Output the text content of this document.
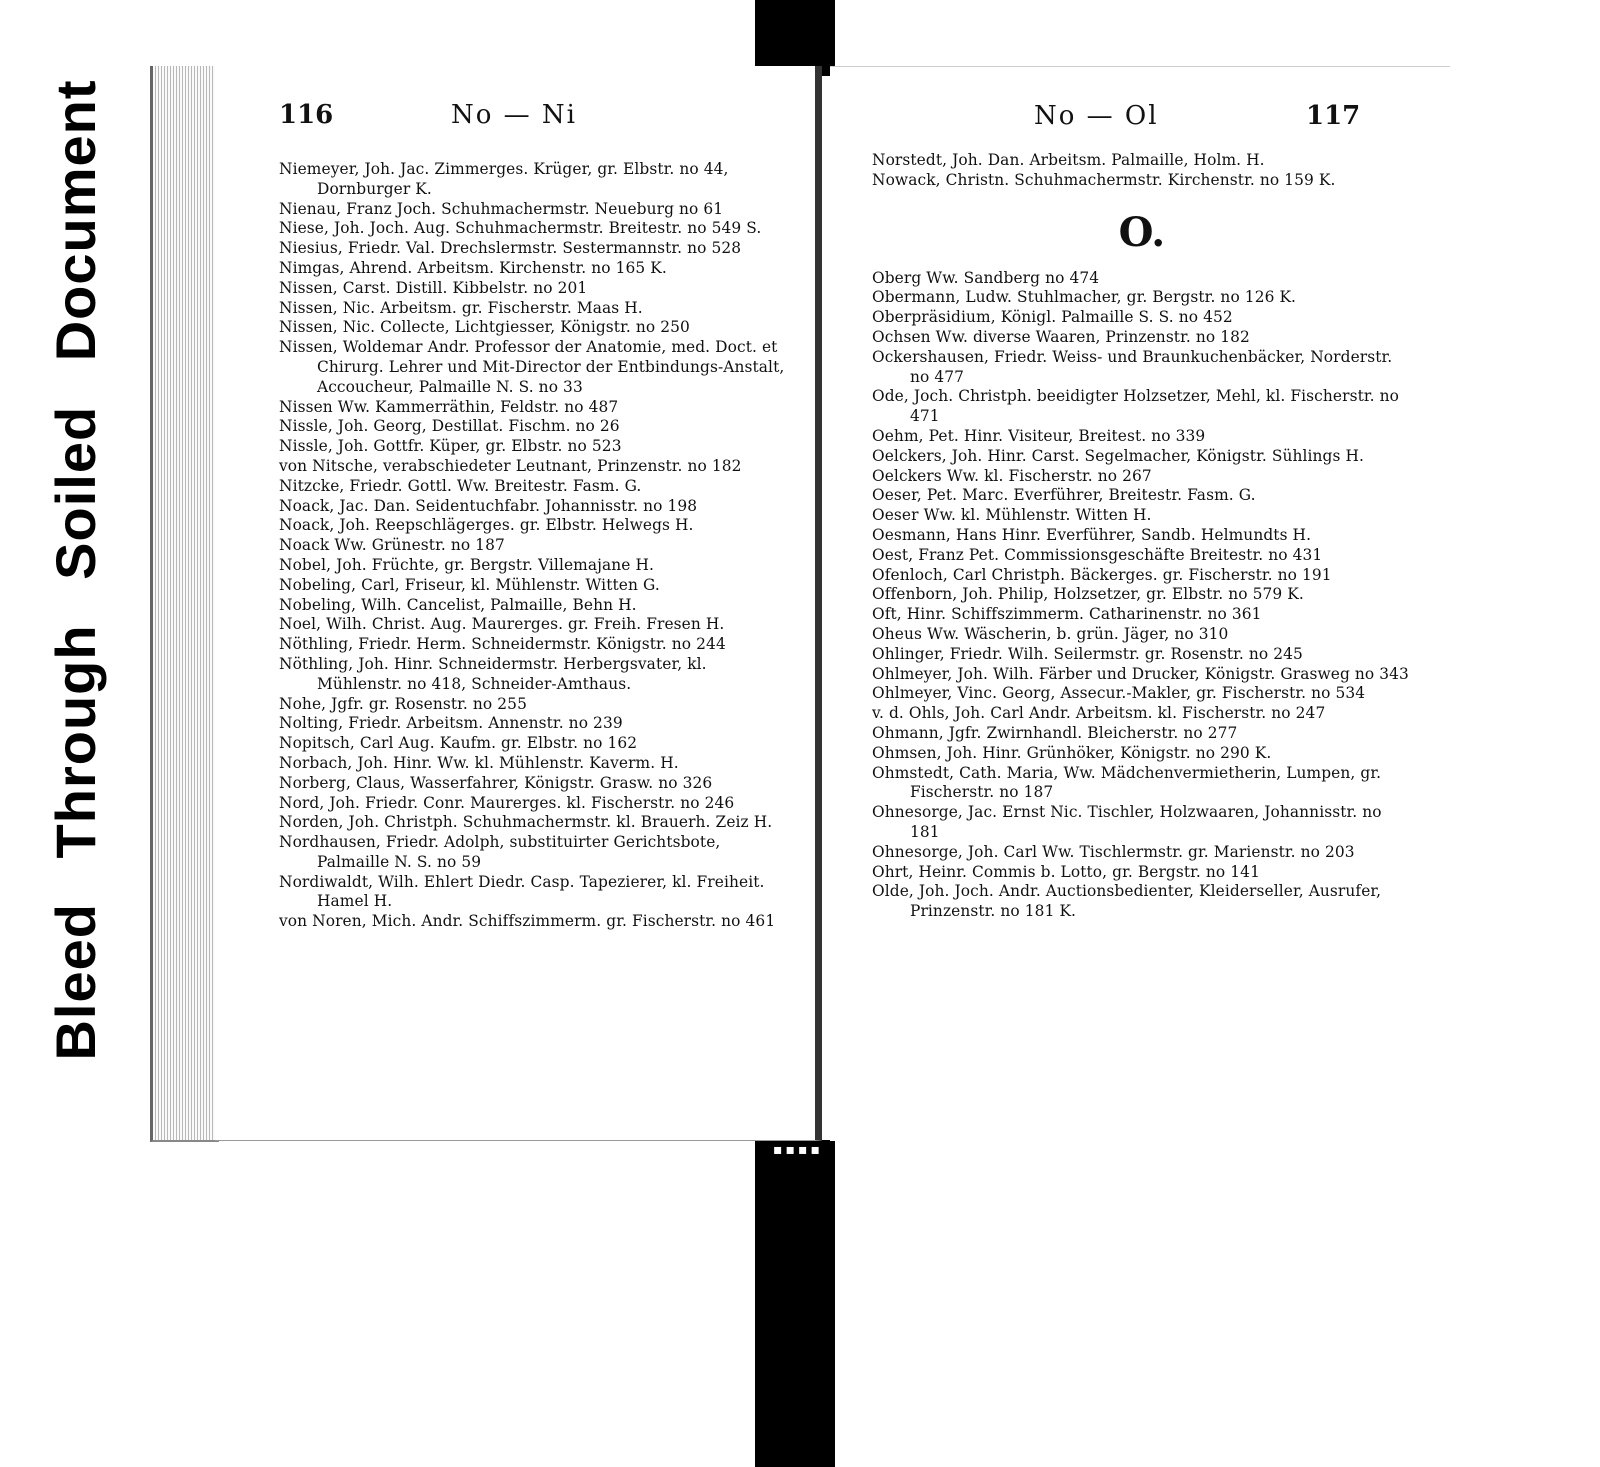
Bleed Through Soiled Document
▪▪▪▪
116	No — Ni
Niemeyer, Joh. Jac. Zimmerges. Krüger, gr. Elbstr. no 44, Dornburger K.
Nienau, Franz Joch. Schuhmachermstr. Neueburg no 61
Niese, Joh. Joch. Aug. Schuhmachermstr. Breitestr. no 549 S.
Niesius, Friedr. Val. Drechslermstr. Sestermannstr. no 528
Nimgas, Ahrend. Arbeitsm. Kirchenstr. no 165 K.
Nissen, Carst. Distill. Kibbelstr. no 201
Nissen, Nic. Arbeitsm. gr. Fischerstr. Maas H.
Nissen, Nic. Collecte, Lichtgiesser, Königstr. no 250
Nissen, Woldemar Andr. Professor der Anatomie, med. Doct. et Chirurg. Lehrer und Mit-Director der Entbindungs-Anstalt, Accoucheur, Palmaille N. S. no 33
Nissen Ww. Kammerräthin, Feldstr. no 487
Nissle, Joh. Georg, Destillat. Fischm. no 26
Nissle, Joh. Gottfr. Küper, gr. Elbstr. no 523
von Nitsche, verabschiedeter Leutnant, Prinzenstr. no 182
Nitzcke, Friedr. Gottl. Ww. Breitestr. Fasm. G.
Noack, Jac. Dan. Seidentuchfabr. Johannisstr. no 198
Noack, Joh. Reepschlägerges. gr. Elbstr. Helwegs H.
Noack Ww. Grünestr. no 187
Nobel, Joh. Früchte, gr. Bergstr. Villemajane H.
Nobeling, Carl, Friseur, kl. Mühlenstr. Witten G.
Nobeling, Wilh. Cancelist, Palmaille, Behn H.
Noel, Wilh. Christ. Aug. Maurerges. gr. Freih. Fresen H.
Nöthling, Friedr. Herm. Schneidermstr. Königstr. no 244
Nöthling, Joh. Hinr. Schneidermstr. Herbergsvater, kl. Mühlenstr. no 418, Schneider-Amthaus.
Nohe, Jgfr. gr. Rosenstr. no 255
Nolting, Friedr. Arbeitsm. Annenstr. no 239
Nopitsch, Carl Aug. Kaufm. gr. Elbstr. no 162
Norbach, Joh. Hinr. Ww. kl. Mühlenstr. Kaverm. H.
Norberg, Claus, Wasserfahrer, Königstr. Grasw. no 326
Nord, Joh. Friedr. Conr. Maurerges. kl. Fischerstr. no 246
Norden, Joh. Christph. Schuhmachermstr. kl. Brauerh. Zeiz H.
Nordhausen, Friedr. Adolph, substituirter Gerichtsbote, Palmaille N. S. no 59
Nordiwaldt, Wilh. Ehlert Diedr. Casp. Tapezierer, kl. Freiheit. Hamel H.
von Noren, Mich. Andr. Schiffszimmerm. gr. Fischerstr. no 461
No — Ol	117
Norstedt, Joh. Dan. Arbeitsm. Palmaille, Holm. H.
Nowack, Christn. Schuhmachermstr. Kirchenstr. no 159 K.
O.
Oberg Ww. Sandberg no 474
Obermann, Ludw. Stuhlmacher, gr. Bergstr. no 126 K.
Oberpräsidium, Königl. Palmaille S. S. no 452
Ochsen Ww. diverse Waaren, Prinzenstr. no 182
Ockershausen, Friedr. Weiss- und Braunkuchenbäcker, Norderstr. no 477
Ode, Joch. Christph. beeidigter Holzsetzer, Mehl, kl. Fischerstr. no 471
Oehm, Pet. Hinr. Visiteur, Breitest. no 339
Oelckers, Joh. Hinr. Carst. Segelmacher, Königstr. Sühlings H.
Oelckers Ww. kl. Fischerstr. no 267
Oeser, Pet. Marc. Everführer, Breitestr. Fasm. G.
Oeser Ww. kl. Mühlenstr. Witten H.
Oesmann, Hans Hinr. Everführer, Sandb. Helmundts H.
Oest, Franz Pet. Commissionsgeschäfte Breitestr. no 431
Ofenloch, Carl Christph. Bäckerges. gr. Fischerstr. no 191
Offenborn, Joh. Philip, Holzsetzer, gr. Elbstr. no 579 K.
Oft, Hinr. Schiffszimmerm. Catharinenstr. no 361
Oheus Ww. Wäscherin, b. grün. Jäger, no 310
Ohlinger, Friedr. Wilh. Seilermstr. gr. Rosenstr. no 245
Ohlmeyer, Joh. Wilh. Färber und Drucker, Königstr. Grasweg no 343
Ohlmeyer, Vinc. Georg, Assecur.-Makler, gr. Fischerstr. no 534
v. d. Ohls, Joh. Carl Andr. Arbeitsm. kl. Fischerstr. no 247
Ohmann, Jgfr. Zwirnhandl. Bleicherstr. no 277
Ohmsen, Joh. Hinr. Grünhöker, Königstr. no 290 K.
Ohmstedt, Cath. Maria, Ww. Mädchenvermietherin, Lumpen, gr. Fischerstr. no 187
Ohnesorge, Jac. Ernst Nic. Tischler, Holzwaaren, Johannisstr. no 181
Ohnesorge, Joh. Carl Ww. Tischlermstr. gr. Marienstr. no 203
Ohrt, Heinr. Commis b. Lotto, gr. Bergstr. no 141
Olde, Joh. Joch. Andr. Auctionsbedienter, Kleiderseller, Ausrufer, Prinzenstr. no 181 K.
